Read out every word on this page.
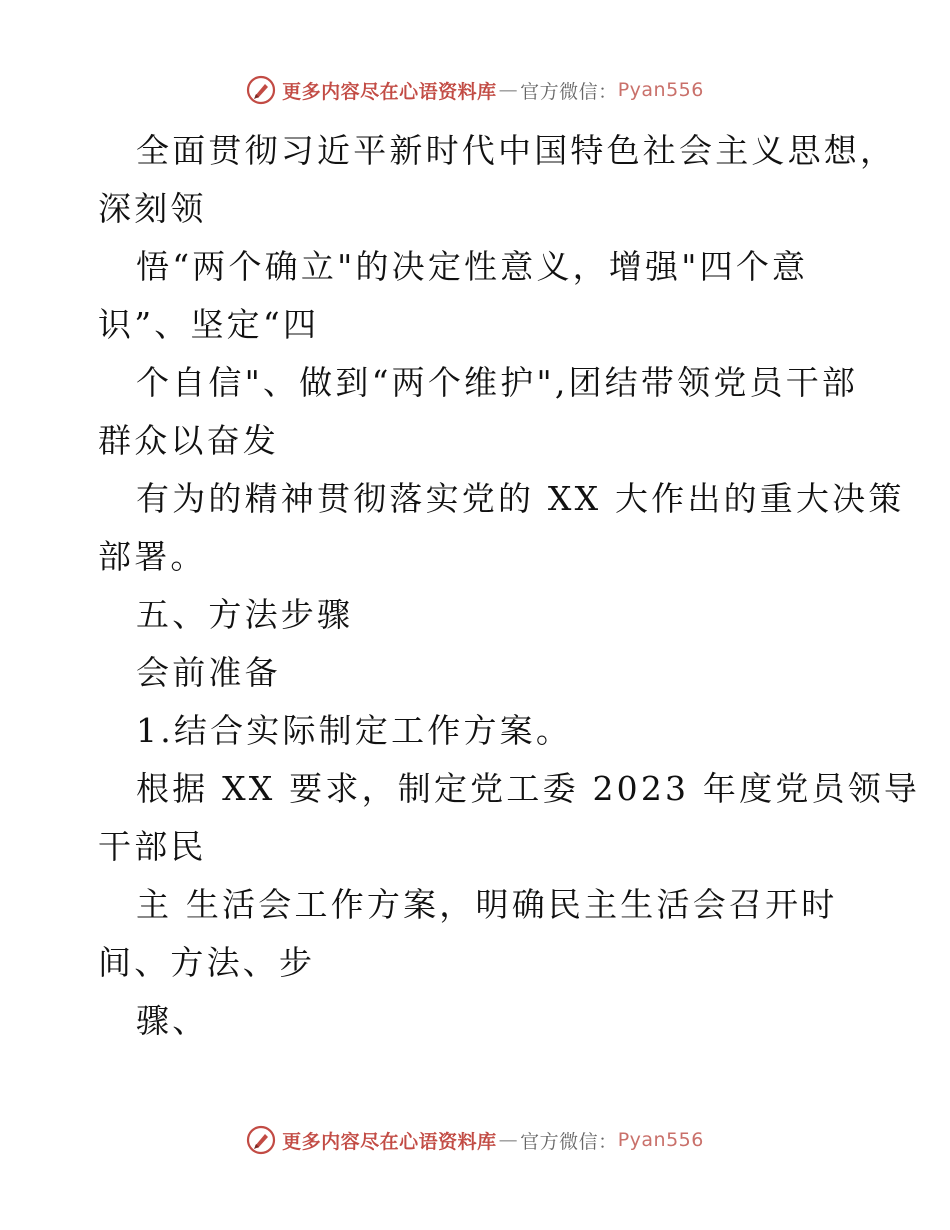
更多内容尽在心语资料库 — 官方微信： Pyan556
全面贯彻习近平新时代中国特色社会主义思想，
深刻领
悟“两个确立"的决定性意义，增强"四个意
识”、坚定“四
个自信"、做到“两个维护",团结带领党员干部
群众以奋发
有为的精神贯彻落实党的 XX 大作出的重大决策
部署。
五、方法步骤
会前准备
1.结合实际制定工作方案。
根据 XX 要求，制定党工委 2023 年度党员领导
干部民
主 生活会工作方案，明确民主生活会召开时
间、方法、步
骤、
更多内容尽在心语资料库 — 官方微信： Pyan556
